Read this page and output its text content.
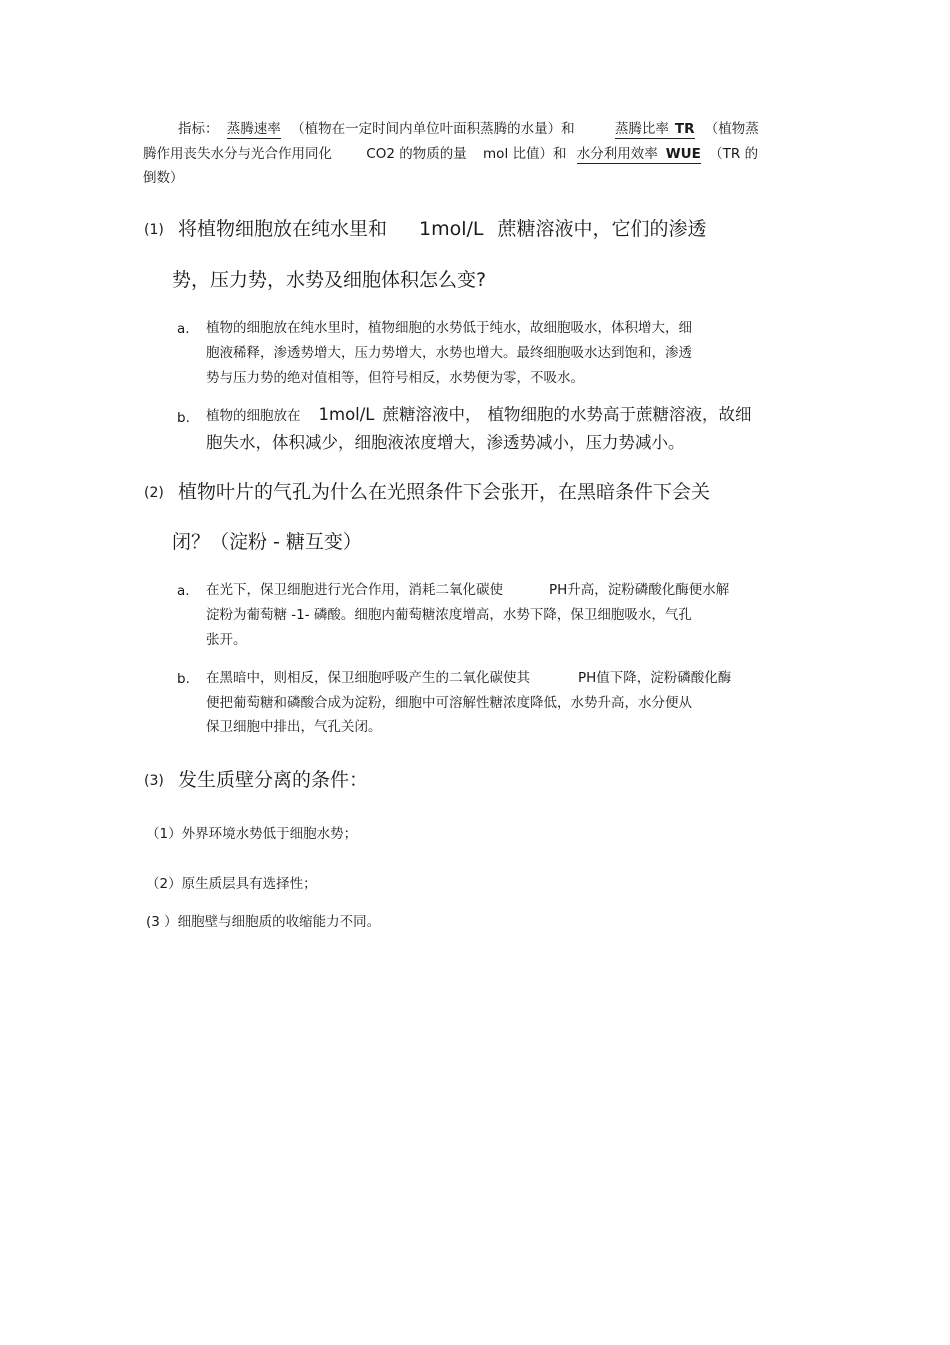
指标： 蒸腾速率 （植物在一定时间内单位叶面积蒸腾的水量）和	蒸腾比率 TR （植物蒸
腾作用丧失水分与光合作用同化	CO2 的物质的量 mol 比值）和 水分利用效率 WUE （TR 的
倒数）
(1) 将植物细胞放在纯水里和 1mol/L 蔗糖溶液中，它们的渗透
势，压力势，水势及细胞体积怎么变?
a. 植物的细胞放在纯水里时，植物细胞的水势低于纯水，故细胞吸水，体积增大，细
胞液稀释，渗透势增大，压力势增大，水势也增大。最终细胞吸水达到饱和，渗透
势与压力势的绝对值相等，但符号相反，水势便为零，不吸水。
b. 植物的细胞放在 1mol/L 蔗糖溶液中， 植物细胞的水势高于蔗糖溶液，故细
胞失水，体积减少，细胞液浓度增大，渗透势减小，压力势减小。
(2) 植物叶片的气孔为什么在光照条件下会张开，在黑暗条件下会关
闭？（淀粉 - 糖互变）
a. 在光下，保卫细胞进行光合作用，消耗二氧化碳使	PH升高，淀粉磷酸化酶便水解
淀粉为葡萄糖 -1- 磷酸。细胞内葡萄糖浓度增高，水势下降，保卫细胞吸水，气孔
张开。
b. 在黑暗中，则相反，保卫细胞呼吸产生的二氧化碳使其	PH值下降，淀粉磷酸化酶
便把葡萄糖和磷酸合成为淀粉，细胞中可溶解性糖浓度降低，水势升高，水分便从
保卫细胞中排出，气孔关闭。
(3) 发生质壁分离的条件：
（1）外界环境水势低于细胞水势；
（2）原生质层具有选择性；
(3 ）细胞壁与细胞质的收缩能力不同。
